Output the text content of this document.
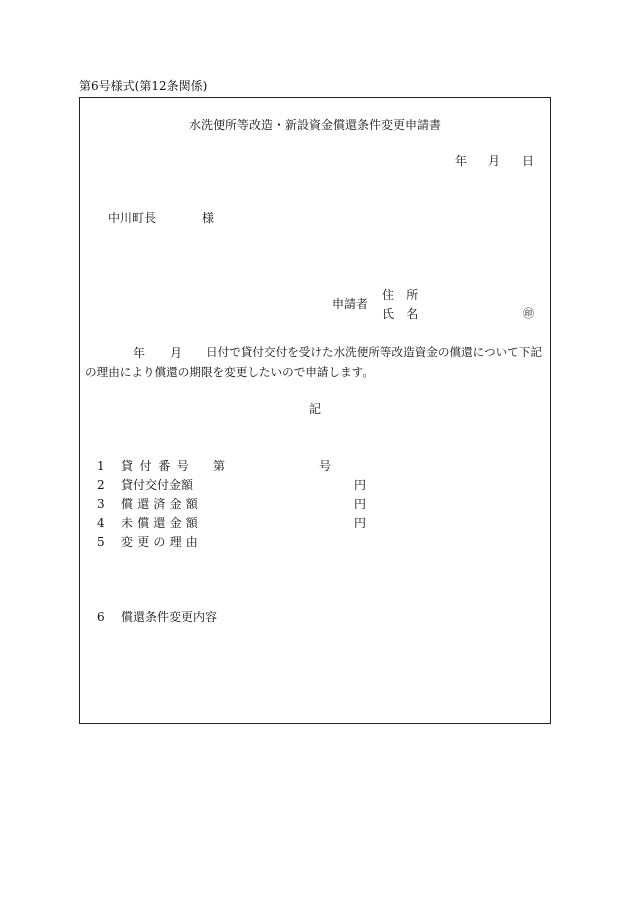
第6号様式(第12条関係)
水洗便所等改造・新設資金償還条件変更申請書
年 月 日
中川町長	様
申請者
住 所
氏 名	㊞
年 月 日付で貸付交付を受けた水洗便所等改造資金の償還について下記
の理由により償還の期限を変更したいので申請します。
記
1 貸付番号 第	号
2 貸付交付金額	円
3 償還済金額	円
4 未償還金額	円
5 変更の理由
6 償還条件変更内容
